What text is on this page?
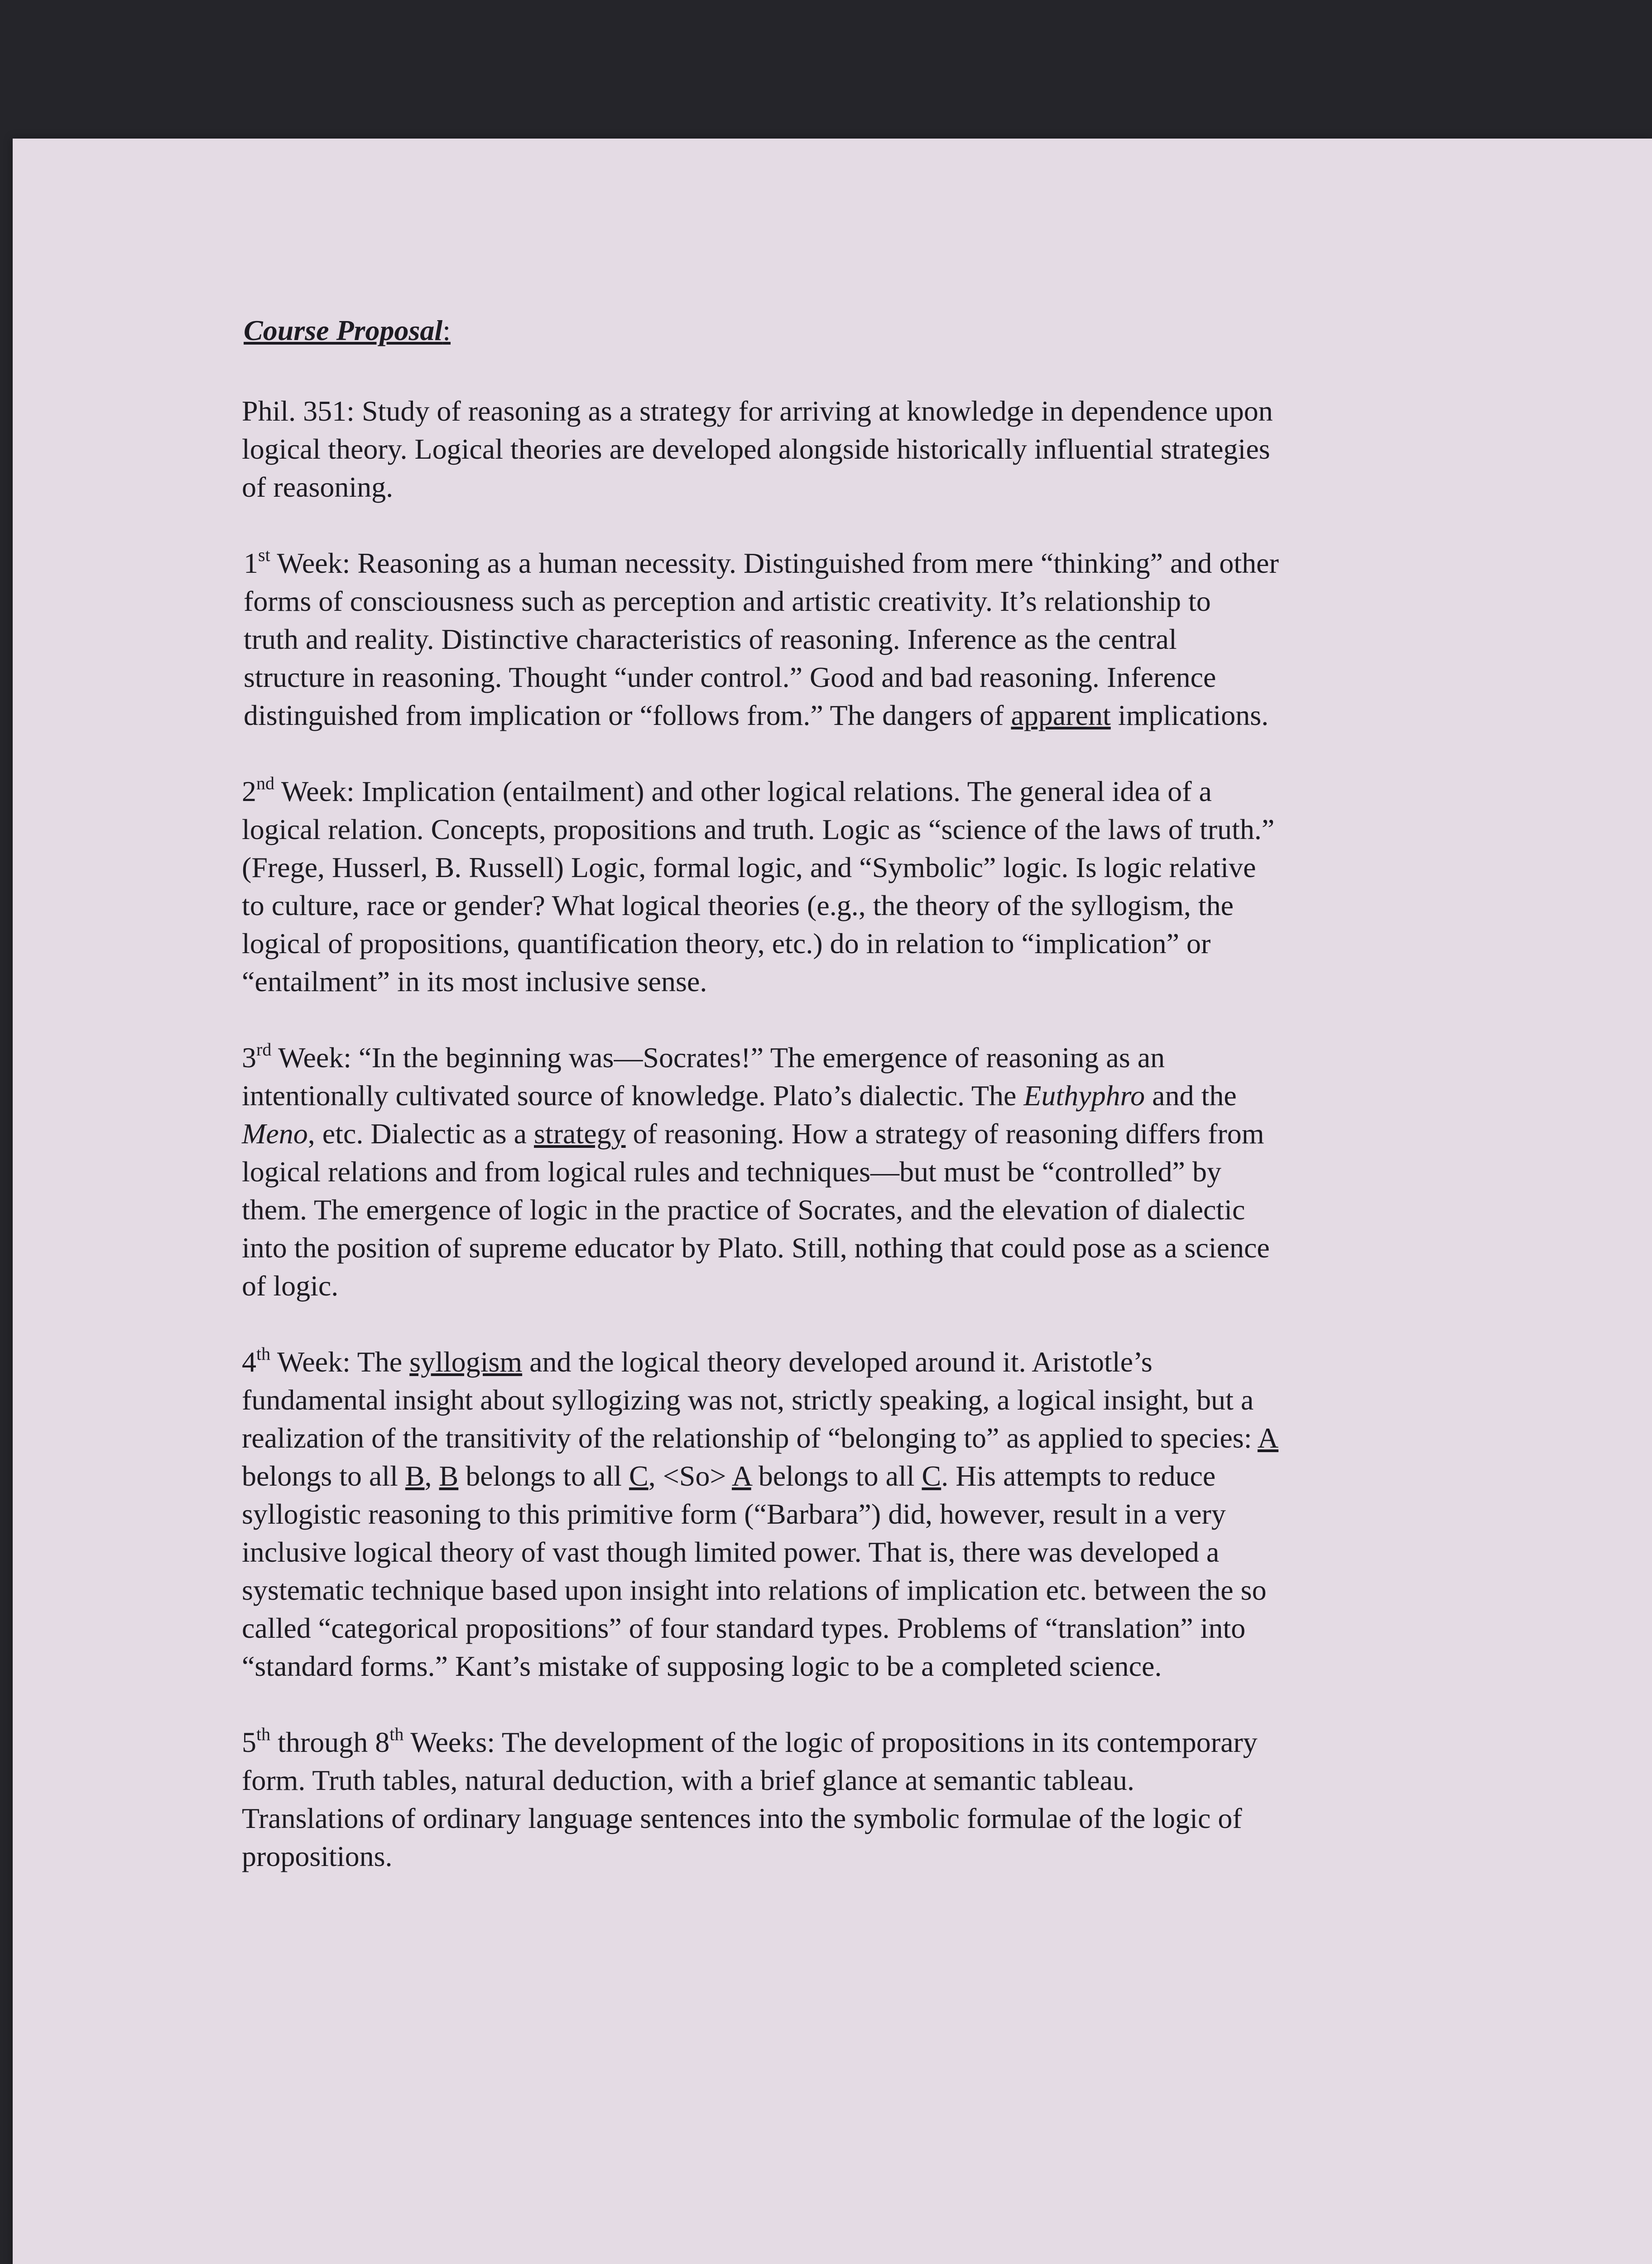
Course Proposal:

Phil. 351: Study of reasoning as a strategy for arriving at knowledge in dependence upon

logical theory. Logical theories are developed alongside historically influential strategies

of reasoning.

1st Week: Reasoning as a human necessity. Distinguished from mere “thinking” and other

forms of consciousness such as perception and artistic creativity. It’s relationship to

truth and reality. Distinctive characteristics of reasoning. Inference as the central

structure in reasoning. Thought “under control.” Good and bad reasoning. Inference

distinguished from implication or “follows from.” The dangers of apparent implications.

2nd Week: Implication (entailment) and other logical relations. The general idea of a

logical relation. Concepts, propositions and truth. Logic as “science of the laws of truth.”

(Frege, Husserl, B. Russell) Logic, formal logic, and “Symbolic” logic. Is logic relative

to culture, race or gender? What logical theories (e.g., the theory of the syllogism, the

logical of propositions, quantification theory, etc.) do in relation to “implication” or

“entailment” in its most inclusive sense.

3rd Week: “In the beginning was—Socrates!” The emergence of reasoning as an

intentionally cultivated source of knowledge. Plato’s dialectic. The Euthyphro and the

Meno, etc. Dialectic as a strategy of reasoning. How a strategy of reasoning differs from

logical relations and from logical rules and techniques—but must be “controlled” by

them. The emergence of logic in the practice of Socrates, and the elevation of dialectic

into the position of supreme educator by Plato. Still, nothing that could pose as a science

of logic.

4th Week: The syllogism and the logical theory developed around it. Aristotle’s

fundamental insight about syllogizing was not, strictly speaking, a logical insight, but a

realization of the transitivity of the relationship of “belonging to” as applied to species: A

belongs to all B, B belongs to all C, <So> A belongs to all C. His attempts to reduce

syllogistic reasoning to this primitive form (“Barbara”) did, however, result in a very

inclusive logical theory of vast though limited power. That is, there was developed a

systematic technique based upon insight into relations of implication etc. between the so

called “categorical propositions” of four standard types. Problems of “translation” into

“standard forms.” Kant’s mistake of supposing logic to be a completed science.

5th through 8th Weeks: The development of the logic of propositions in its contemporary

form. Truth tables, natural deduction, with a brief glance at semantic tableau.

Translations of ordinary language sentences into the symbolic formulae of the logic of

propositions.
